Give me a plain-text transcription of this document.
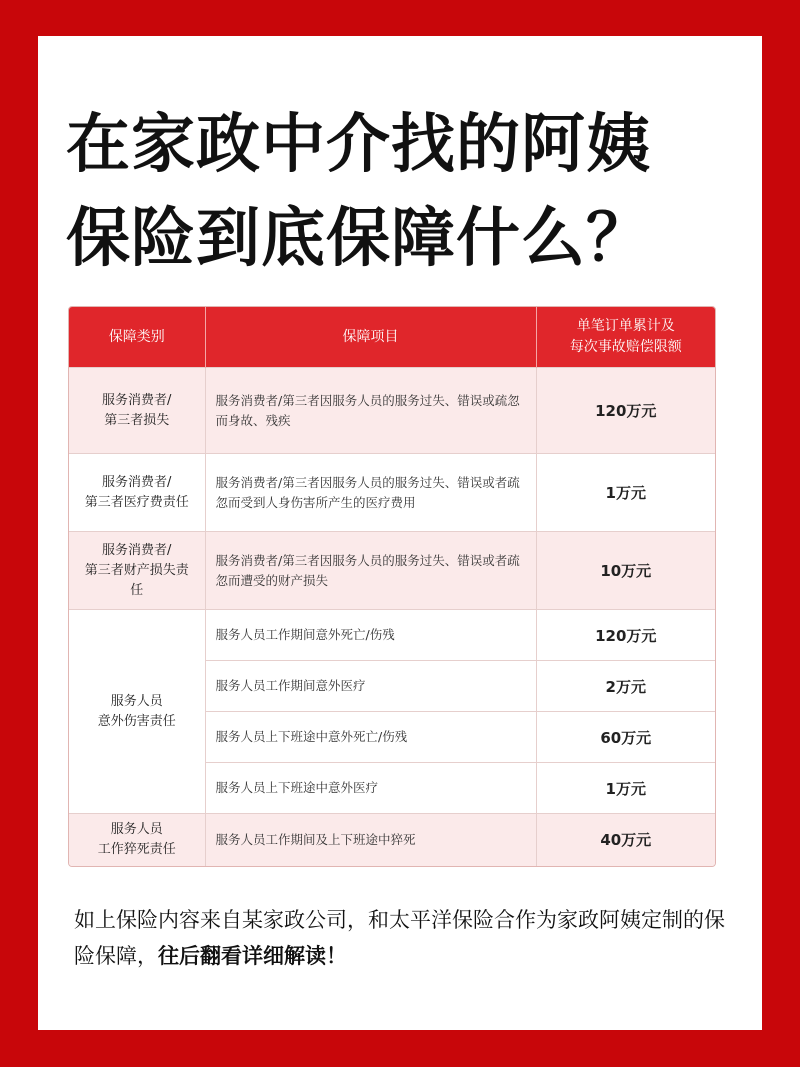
在家政中介找的阿姨
保险到底保障什么？
保障类别	保障项目	单笔订单累计及
每次事故赔偿限额
服务消费者/
第三者损失	服务消费者/第三者因服务人员的服务过失、错误或疏忽而身故、残疾	120万元
服务消费者/
第三者医疗费责任	服务消费者/第三者因服务人员的服务过失、错误或者疏忽而受到人身伤害所产生的医疗费用	1万元
服务消费者/
第三者财产损失责任	服务消费者/第三者因服务人员的服务过失、错误或者疏忽而遭受的财产损失	10万元
服务人员
意外伤害责任	服务人员工作期间意外死亡/伤残	120万元
	服务人员工作期间意外医疗	2万元
	服务人员上下班途中意外死亡/伤残	60万元
	服务人员上下班途中意外医疗	1万元
服务人员
工作猝死责任	服务人员工作期间及上下班途中猝死	40万元
如上保险内容来自某家政公司，和太平洋保险合作为家政阿姨定制的保险保障，往后翻看详细解读！
